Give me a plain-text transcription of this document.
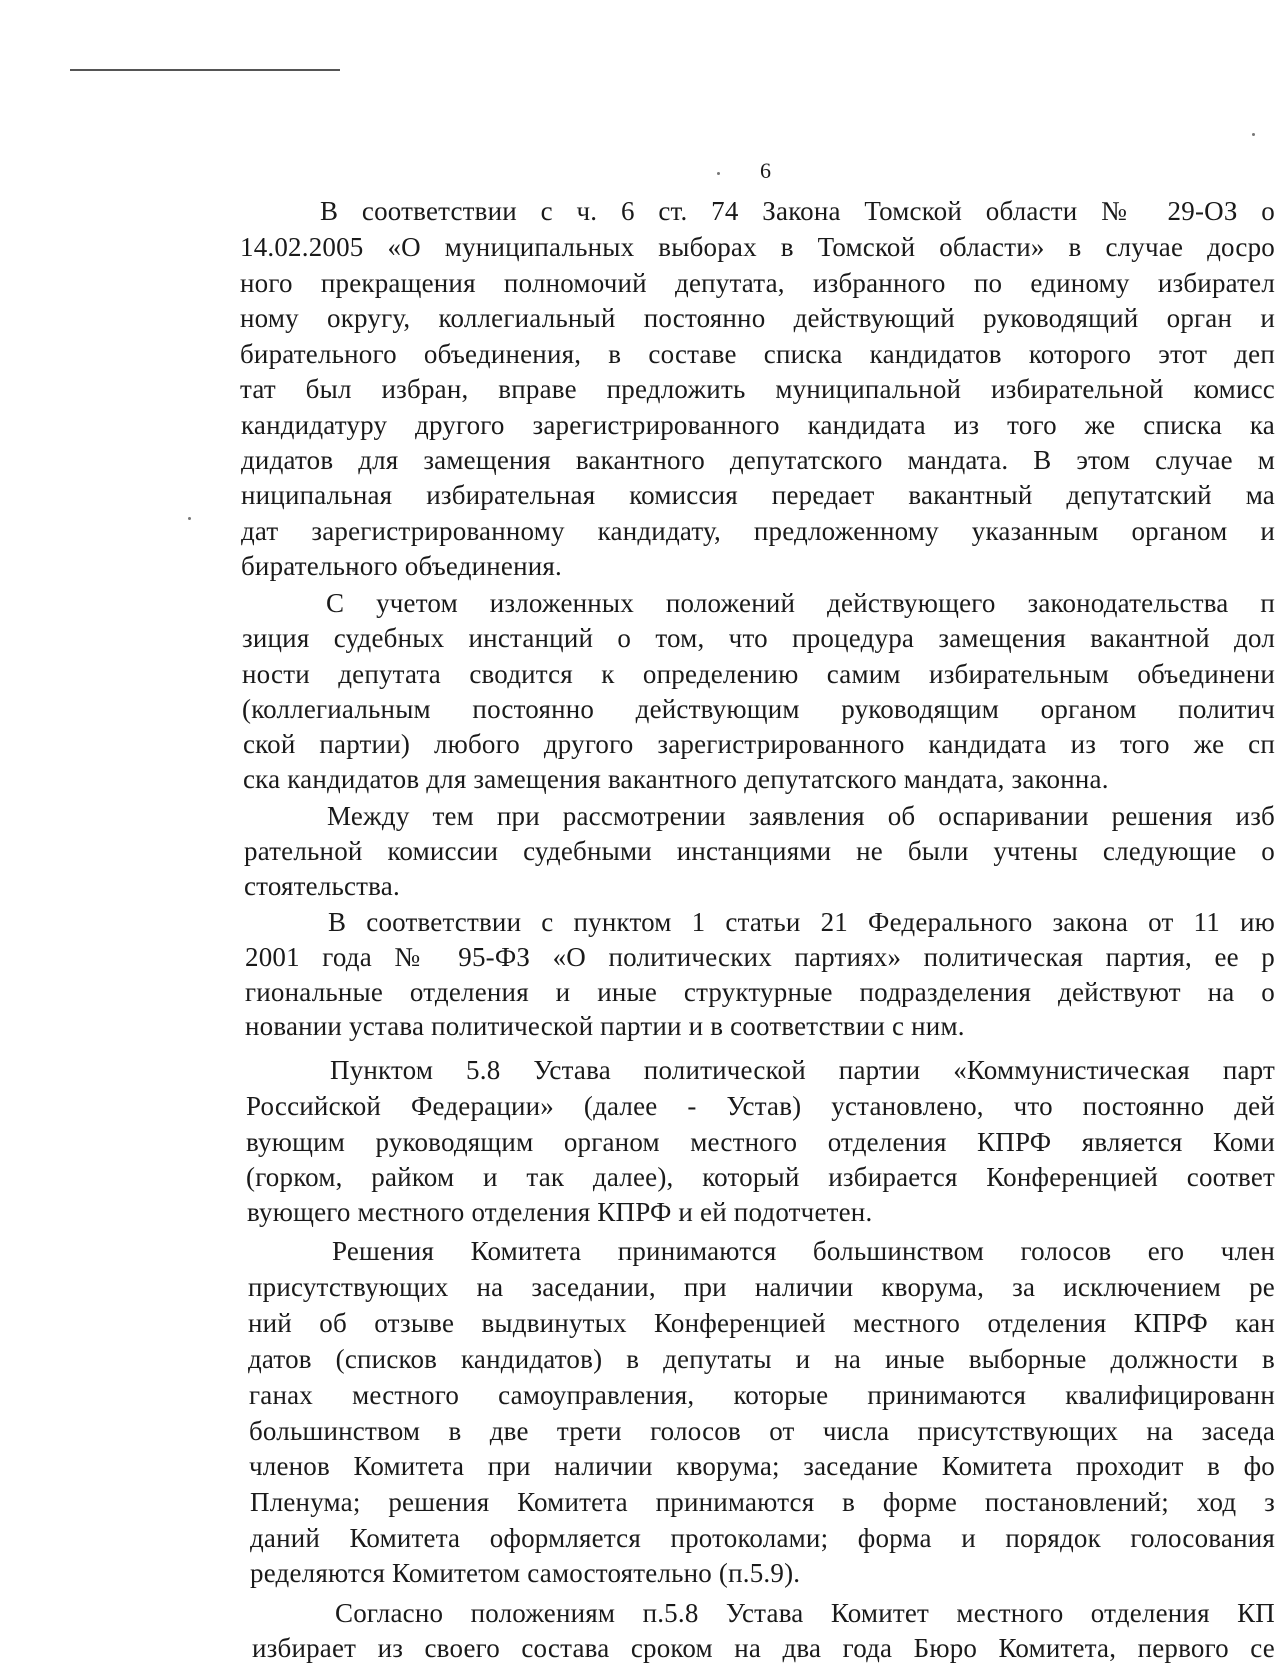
6
В соответствии с ч. 6 ст. 74 Закона Томской области № 29-ОЗ о
14.02.2005 «О муниципальных выборах в Томской области» в случае досро
ного прекращения полномочий депутата, избранного по единому избирател
ному округу, коллегиальный постоянно действующий руководящий орган и
бирательного объединения, в составе списка кандидатов которого этот деп
тат был избран, вправе предложить муниципальной избирательной комисс
кандидатуру другого зарегистрированного кандидата из того же списка ка
дидатов для замещения вакантного депутатского мандата. В этом случае м
ниципальная избирательная комиссия передает вакантный депутатский ма
дат зарегистрированному кандидату, предложенному указанным органом и
бирательного объединения.
С учетом изложенных положений действующего законодательства п
зиция судебных инстанций о том, что процедура замещения вакантной дол
ности депутата сводится к определению самим избирательным объединени
(коллегиальным постоянно действующим руководящим органом политич
ской партии) любого другого зарегистрированного кандидата из того же сп
ска кандидатов для замещения вакантного депутатского мандата, законна.
Между тем при рассмотрении заявления об оспаривании решения изб
рательной комиссии судебными инстанциями не были учтены следующие о
стоятельства.
В соответствии с пунктом 1 статьи 21 Федерального закона от 11 ию
2001 года № 95-ФЗ «О политических партиях» политическая партия, ее р
гиональные отделения и иные структурные подразделения действуют на о
новании устава политической партии и в соответствии с ним.
Пунктом 5.8 Устава политической партии «Коммунистическая парт
Российской Федерации» (далее - Устав) установлено, что постоянно дей
вующим руководящим органом местного отделения КПРФ является Коми
(горком, райком и так далее), который избирается Конференцией соответ
вующего местного отделения КПРФ и ей подотчетен.
Решения Комитета принимаются большинством голосов его член
присутствующих на заседании, при наличии кворума, за исключением ре
ний об отзыве выдвинутых Конференцией местного отделения КПРФ кан
датов (списков кандидатов) в депутаты и на иные выборные должности в
ганах местного самоуправления, которые принимаются квалифицированн
большинством в две трети голосов от числа присутствующих на заседа
членов Комитета при наличии кворума; заседание Комитета проходит в фо
Пленума; решения Комитета принимаются в форме постановлений; ход з
даний Комитета оформляется протоколами; форма и порядок голосования
ределяются Комитетом самостоятельно (п.5.9).
Согласно положениям п.5.8 Устава Комитет местного отделения КП
избирает из своего состава сроком на два года Бюро Комитета, первого се
